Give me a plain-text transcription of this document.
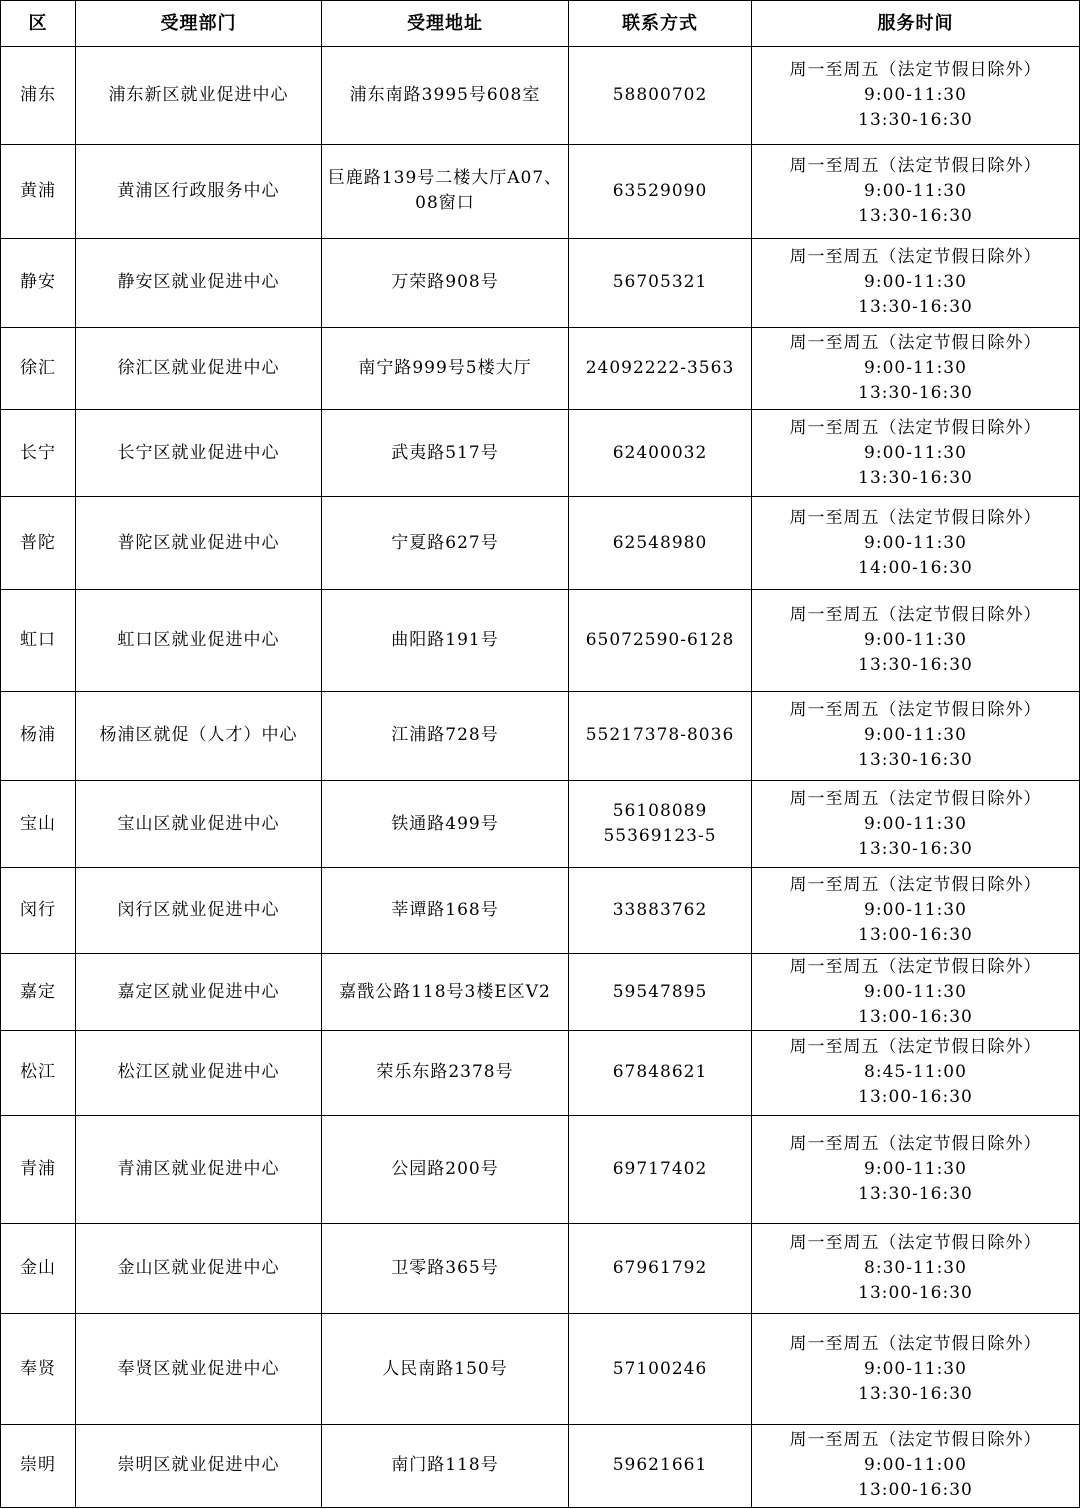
区	受理部门	受理地址	联系方式	服务时间
浦东	浦东新区就业促进中心	浦东南路3995号608室	58800702	周一至周五（法定节假日除外）
9:00-11:30
13:30-16:30

黄浦	黄浦区行政服务中心	巨鹿路139号二楼大厅A07、
08窗口	63529090	周一至周五（法定节假日除外）
9:00-11:30
13:30-16:30

静安	静安区就业促进中心	万荣路908号	56705321	周一至周五（法定节假日除外）
9:00-11:30
13:30-16:30

徐汇	徐汇区就业促进中心	南宁路999号5楼大厅	24092222-3563	周一至周五（法定节假日除外）
9:00-11:30
13:30-16:30

长宁	长宁区就业促进中心	武夷路517号	62400032	周一至周五（法定节假日除外）
9:00-11:30
13:30-16:30

普陀	普陀区就业促进中心	宁夏路627号	62548980	周一至周五（法定节假日除外）
9:00-11:30
14:00-16:30

虹口	虹口区就业促进中心	曲阳路191号	65072590-6128	周一至周五（法定节假日除外）
9:00-11:30
13:30-16:30

杨浦	杨浦区就促（人才）中心	江浦路728号	55217378-8036	周一至周五（法定节假日除外）
9:00-11:30
13:30-16:30

宝山	宝山区就业促进中心	铁通路499号	56108089
55369123-5	周一至周五（法定节假日除外）
9:00-11:30
13:30-16:30

闵行	闵行区就业促进中心	莘谭路168号	33883762	周一至周五（法定节假日除外）
9:00-11:30
13:00-16:30

嘉定	嘉定区就业促进中心	嘉戬公路118号3楼E区V2	59547895	周一至周五（法定节假日除外）
9:00-11:30
13:00-16:30

松江	松江区就业促进中心	荣乐东路2378号	67848621	周一至周五（法定节假日除外）
8:45-11:00
13:00-16:30

青浦	青浦区就业促进中心	公园路200号	69717402	周一至周五（法定节假日除外）
9:00-11:30
13:30-16:30

金山	金山区就业促进中心	卫零路365号	67961792	周一至周五（法定节假日除外）
8:30-11:30
13:00-16:30

奉贤	奉贤区就业促进中心	人民南路150号	57100246	周一至周五（法定节假日除外）
9:00-11:30
13:30-16:30

崇明	崇明区就业促进中心	南门路118号	59621661	周一至周五（法定节假日除外）
9:00-11:00
13:00-16:30
